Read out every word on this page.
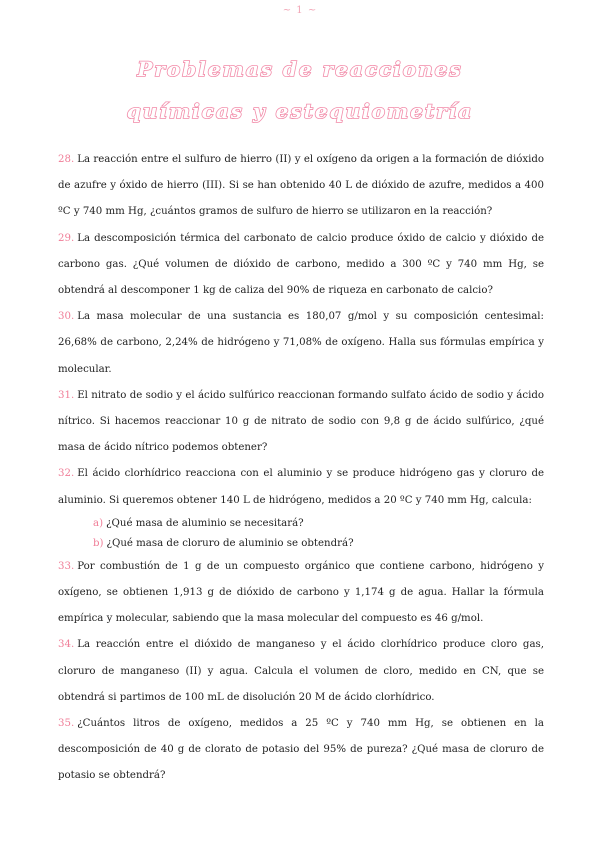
~ 1 ~
Problemas de reacciones químicas y estequiometría

28. La reacción entre el sulfuro de hierro (II) y el oxígeno da origen a la formación de dióxido de azufre y óxido de hierro (III). Si se han obtenido 40 L de dióxido de azufre, medidos a 400 ºC y 740 mm Hg, ¿cuántos gramos de sulfuro de hierro se utilizaron en la reacción?

29. La descomposición térmica del carbonato de calcio produce óxido de calcio y dióxido de carbono gas. ¿Qué volumen de dióxido de carbono, medido a 300 ºC y 740 mm Hg, se obtendrá al descomponer 1 kg de caliza del 90% de riqueza en carbonato de calcio?

30. La masa molecular de una sustancia es 180,07 g/mol y su composición centesimal: 26,68% de carbono, 2,24% de hidrógeno y 71,08% de oxígeno. Halla sus fórmulas empírica y molecular.

31. El nitrato de sodio y el ácido sulfúrico reaccionan formando sulfato ácido de sodio y ácido nítrico. Si hacemos reaccionar 10 g de nitrato de sodio con 9,8 g de ácido sulfúrico, ¿qué masa de ácido nítrico podemos obtener?

32. El ácido clorhídrico reacciona con el aluminio y se produce hidrógeno gas y cloruro de aluminio. Si queremos obtener 140 L de hidrógeno, medidos a 20 ºC y 740 mm Hg, calcula:

a) ¿Qué masa de aluminio se necesitará?
b) ¿Qué masa de cloruro de aluminio se obtendrá?

33. Por combustión de 1 g de un compuesto orgánico que contiene carbono, hidrógeno y oxígeno, se obtienen 1,913 g de dióxido de carbono y 1,174 g de agua. Hallar la fórmula empírica y molecular, sabiendo que la masa molecular del compuesto es 46 g/mol.

34. La reacción entre el dióxido de manganeso y el ácido clorhídrico produce cloro gas, cloruro de manganeso (II) y agua. Calcula el volumen de cloro, medido en CN, que se obtendrá si partimos de 100 mL de disolución 20 M de ácido clorhídrico.

35. ¿Cuántos litros de oxígeno, medidos a 25 ºC y 740 mm Hg, se obtienen en la descomposición de 40 g de clorato de potasio del 95% de pureza? ¿Qué masa de cloruro de potasio se obtendrá?
